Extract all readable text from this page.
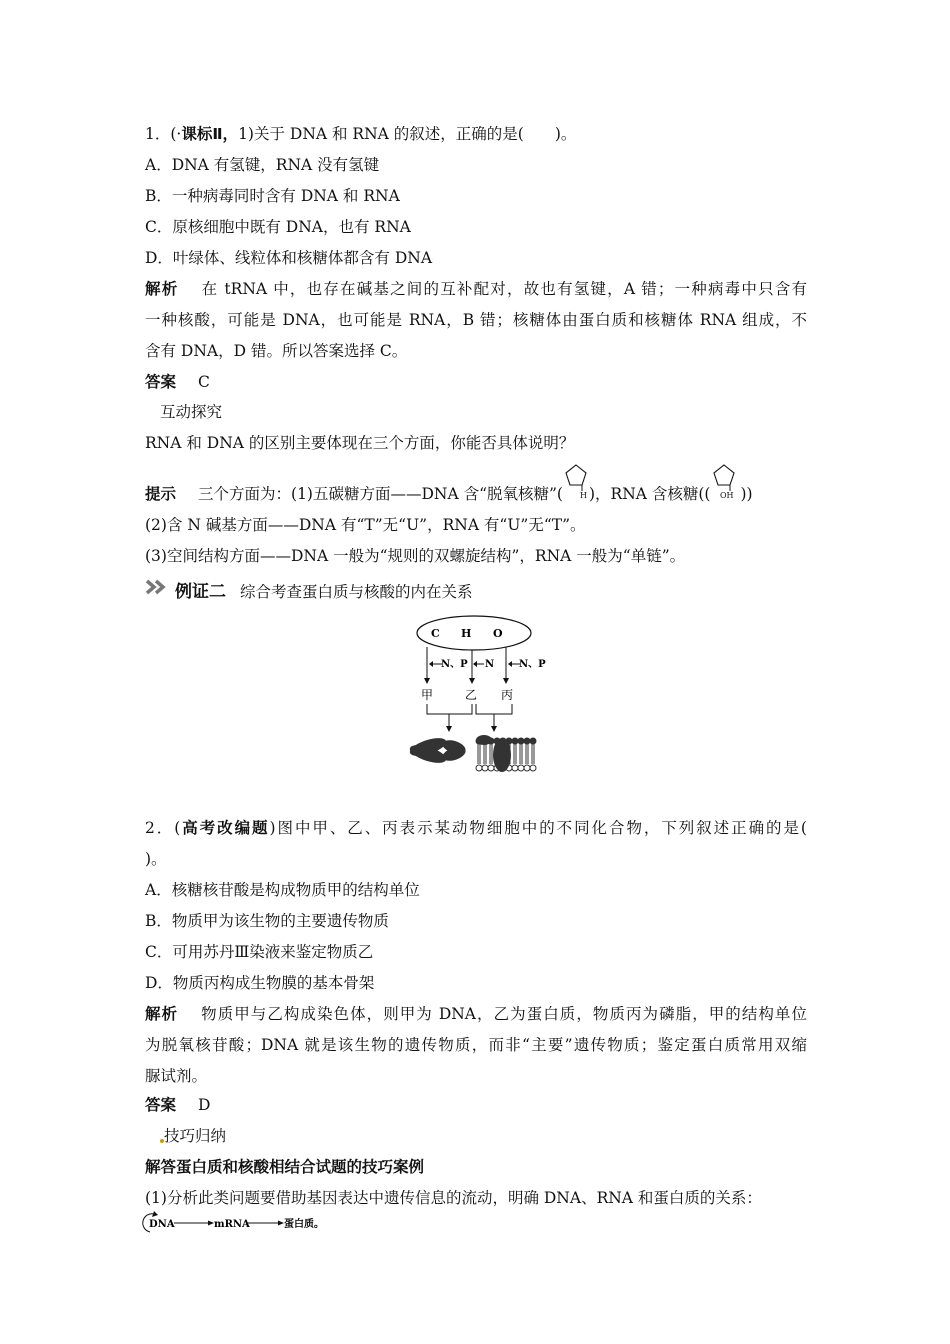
1．(·课标Ⅱ，1)关于 DNA 和 RNA 的叙述，正确的是(　　)。
A．DNA 有氢键，RNA 没有氢键
B．一种病毒同时含有 DNA 和 RNA
C．原核细胞中既有 DNA，也有 RNA
D．叶绿体、线粒体和核糖体都含有 DNA
解析 在 tRNA 中，也存在碱基之间的互补配对，故也有氢键，A 错；一种病毒中只含有
一种核酸，可能是 DNA，也可能是 RNA，B 错；核糖体由蛋白质和核糖体 RNA 组成，不
含有 DNA，D 错。所以答案选择 C。
答案 C
互动探究
RNA 和 DNA 的区别主要体现在三个方面，你能否具体说明？
提示 三个方面为：(1)五碳糖方面——DNA 含“脱氧核糖”( H )，RNA 含核糖(( OH ))
(2)含 N 碱基方面——DNA 有“T”无“U”，RNA 有“U”无“T”。
(3)空间结构方面——DNA 一般为“规则的双螺旋结构”，RNA 一般为“单链”。
例证二 综合考查蛋白质与核酸的内在关系
C H O
N、P N N、P
甲	乙 丙
2．(高考改编题)图中甲、乙、丙表示某动物细胞中的不同化合物，下列叙述正确的是(
)。
A．核糖核苷酸是构成物质甲的结构单位
B．物质甲为该生物的主要遗传物质
C．可用苏丹Ⅲ染液来鉴定物质乙
D．物质丙构成生物膜的基本骨架
解析 物质甲与乙构成染色体，则甲为 DNA，乙为蛋白质，物质丙为磷脂，甲的结构单位
为脱氧核苷酸；DNA 就是该生物的遗传物质，而非“主要”遗传物质；鉴定蛋白质常用双缩
脲试剂。
答案 D
技巧归纳
解答蛋白质和核酸相结合试题的技巧案例
(1)分析此类问题要借助基因表达中遗传信息的流动，明确 DNA、RNA 和蛋白质的关系：
DNA	mRNA	蛋白质。
